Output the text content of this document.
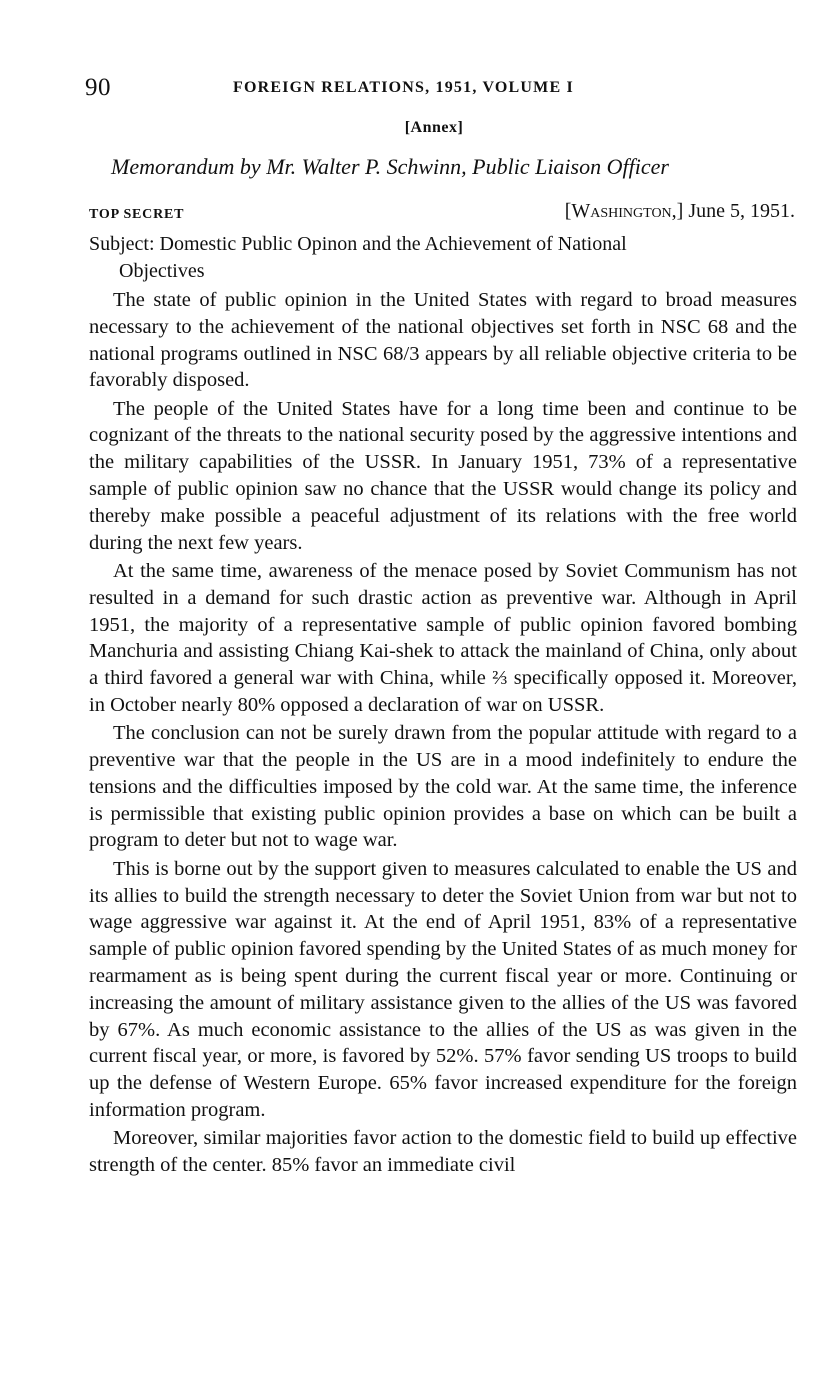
90	FOREIGN RELATIONS, 1951, VOLUME I
[Annex]
Memorandum by Mr. Walter P. Schwinn, Public Liaison Officer
TOP SECRET	[Washington,] June 5, 1951.
Subject: Domestic Public Opinon and the Achievement of National
Objectives

The state of public opinion in the United States with regard to broad measures necessary to the achievement of the national objectives set forth in NSC 68 and the national programs outlined in NSC 68/3 appears by all reliable objective criteria to be favorably disposed.

The people of the United States have for a long time been and continue to be cognizant of the threats to the national security posed by the aggressive intentions and the military capabilities of the USSR. In January 1951, 73% of a representative sample of public opinion saw no chance that the USSR would change its policy and thereby make possible a peaceful adjustment of its relations with the free world during the next few years.

At the same time, awareness of the menace posed by Soviet Communism has not resulted in a demand for such drastic action as preventive war. Although in April 1951, the majority of a representative sample of public opinion favored bombing Manchuria and assisting Chiang Kai-shek to attack the mainland of China, only about a third favored a general war with China, while ⅔ specifically opposed it. Moreover, in October nearly 80% opposed a declaration of war on USSR.

The conclusion can not be surely drawn from the popular attitude with regard to a preventive war that the people in the US are in a mood indefinitely to endure the tensions and the difficulties imposed by the cold war. At the same time, the inference is permissible that existing public opinion provides a base on which can be built a program to deter but not to wage war.

This is borne out by the support given to measures calculated to enable the US and its allies to build the strength necessary to deter the Soviet Union from war but not to wage aggressive war against it. At the end of April 1951, 83% of a representative sample of public opinion favored spending by the United States of as much money for rearmament as is being spent during the current fiscal year or more. Continuing or increasing the amount of military assistance given to the allies of the US was favored by 67%. As much economic assistance to the allies of the US as was given in the current fiscal year, or more, is favored by 52%. 57% favor sending US troops to build up the defense of Western Europe. 65% favor increased expenditure for the foreign information program.

Moreover, similar majorities favor action to the domestic field to build up effective strength of the center. 85% favor an immediate civil
